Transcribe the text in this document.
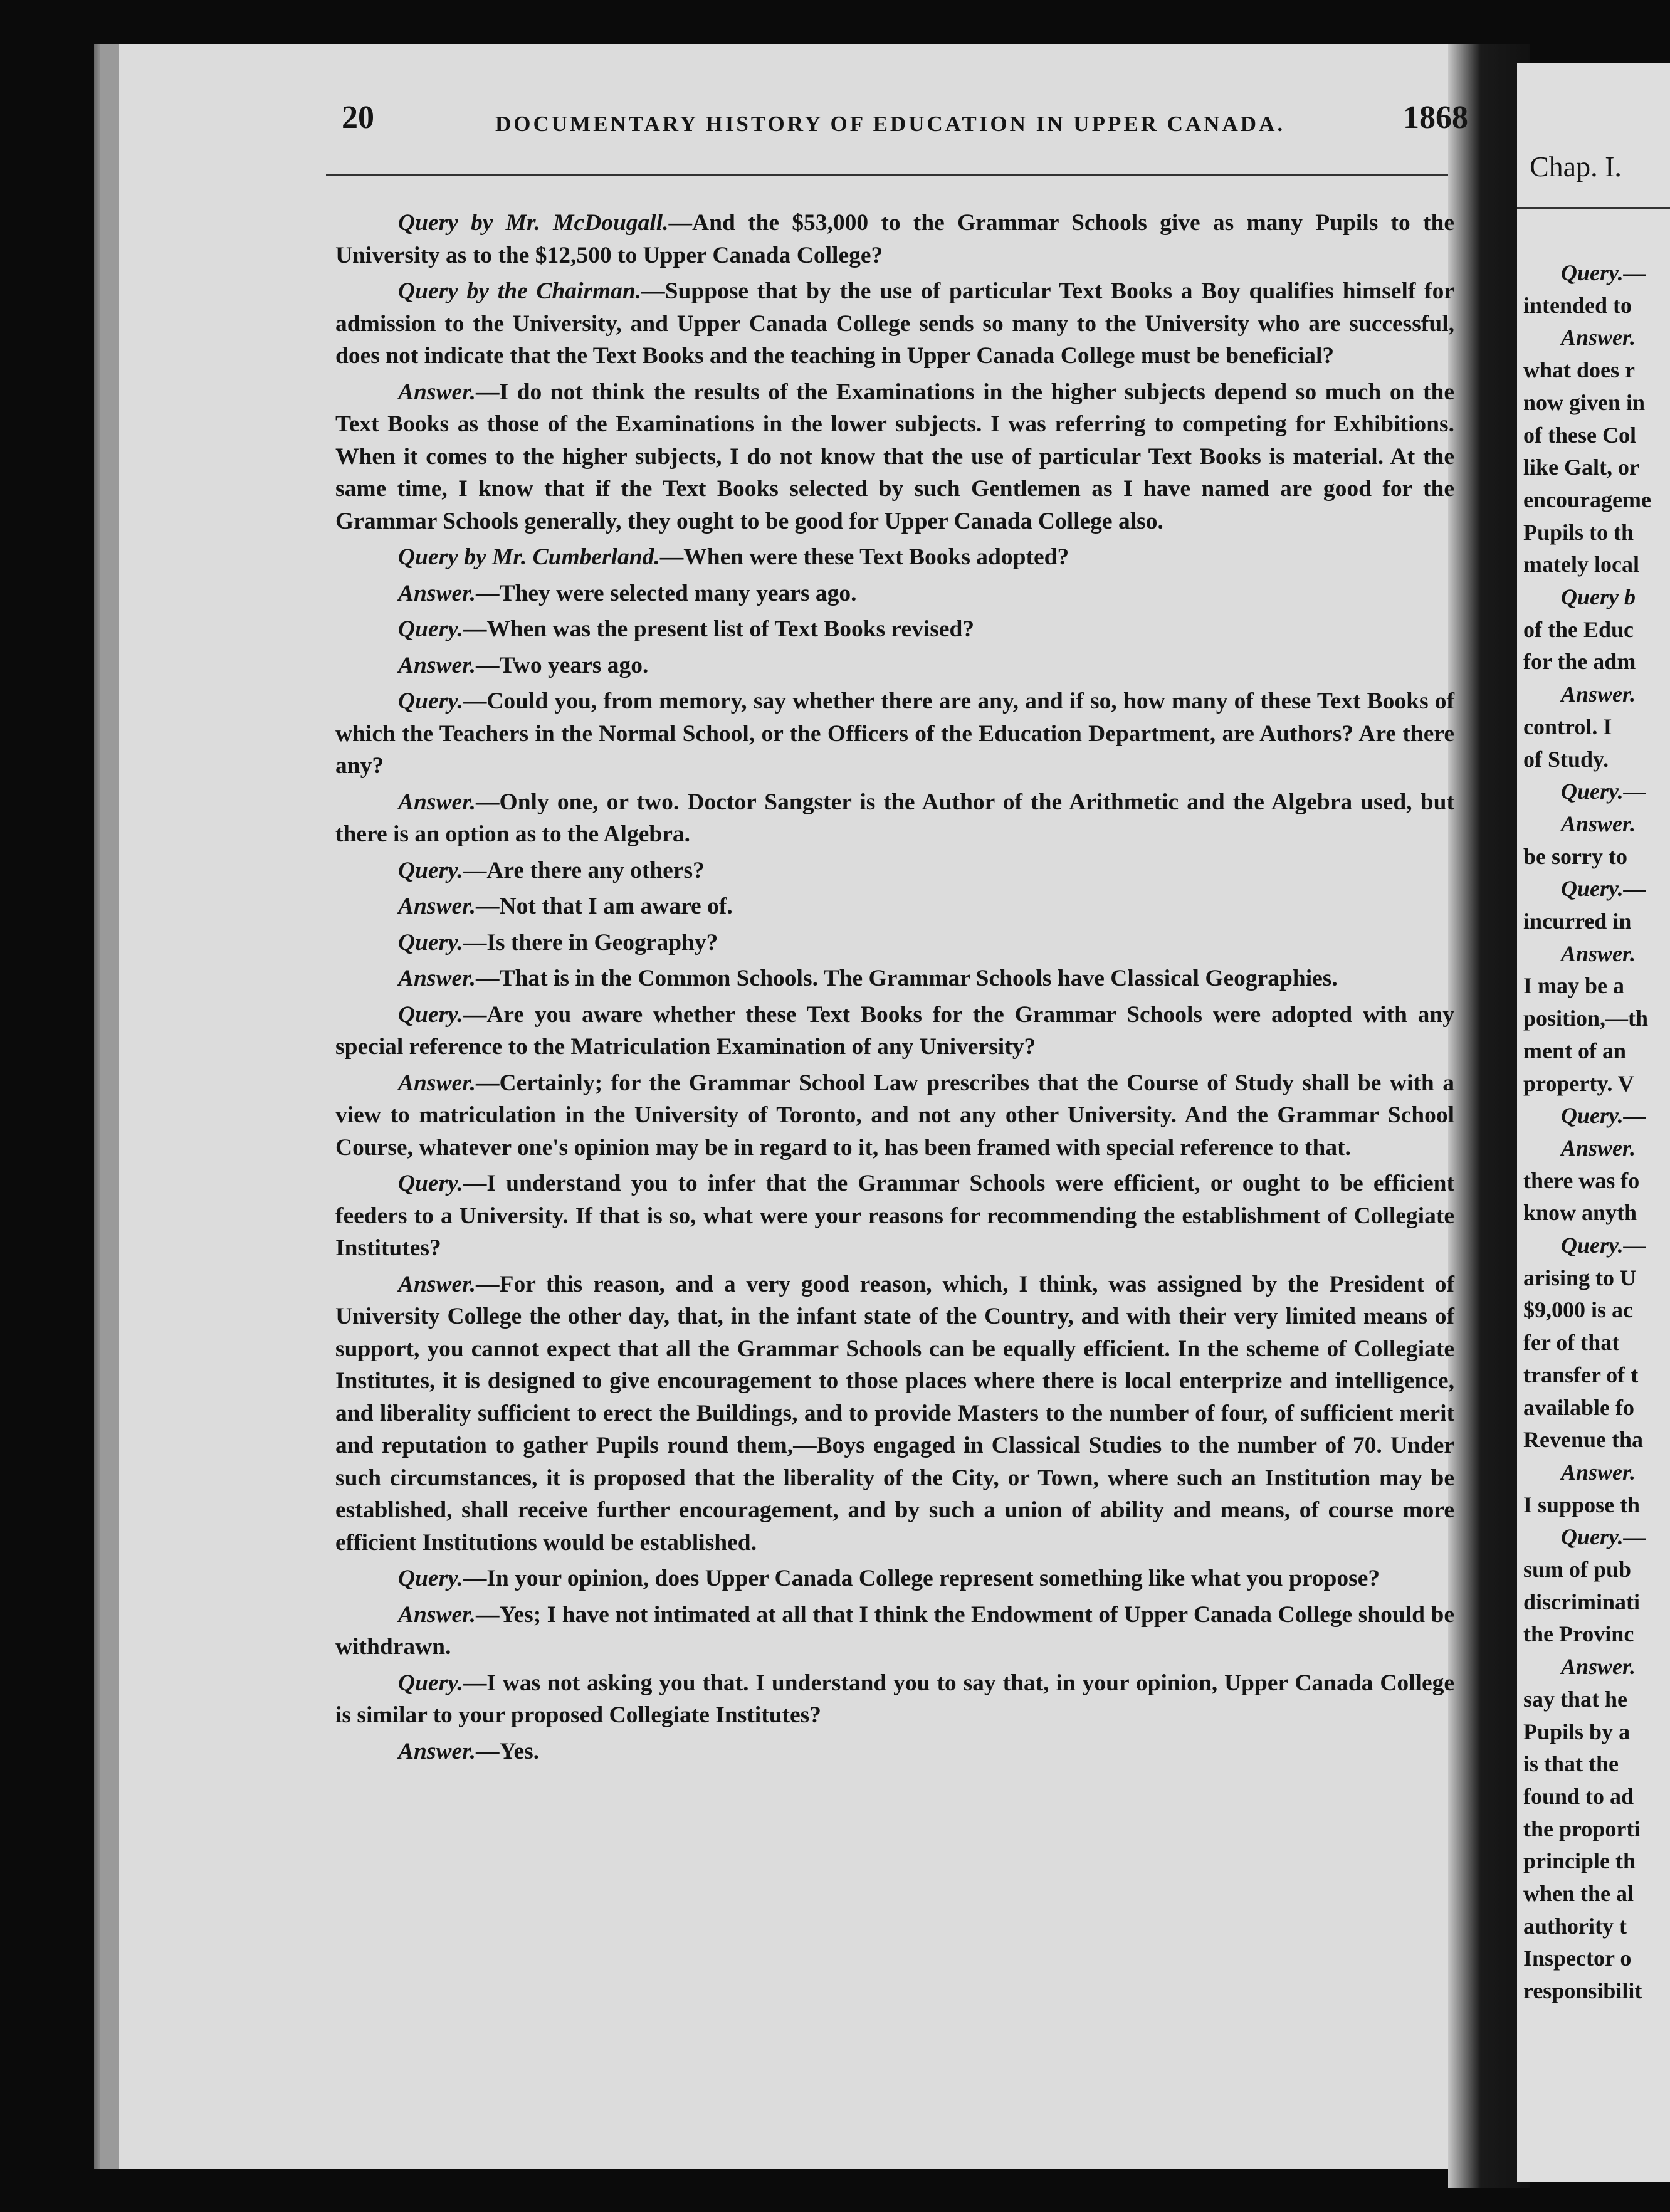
Chap. I.
Query.—
intended to
Answer.
what does r
now given in
of these Col
like Galt, or
encourageme
Pupils to th
mately local
Query b
of the Educ
for the adm
Answer.
control. I
of Study.
Query.—
Answer.
be sorry to
Query.—
incurred in
Answer.
I may be a
position,—th
ment of an
property. V
Query.—
Answer.
there was fo
know anyth
Query.—
arising to U
$9,000 is ac
fer of that
transfer of t
available fo
Revenue tha
Answer.
I suppose th
Query.—
sum of pub
discriminati
the Provinc
Answer.
say that he
Pupils by a
is that the
found to ad
the proporti
principle th
when the al
authority t
Inspector o
responsibilit
20	DOCUMENTARY HISTORY OF EDUCATION IN UPPER CANADA.	1868

Query by Mr. McDougall.—And the $53,000 to the Grammar Schools give as many Pupils to the University as to the $12,500 to Upper Canada College?

Query by the Chairman.—Suppose that by the use of particular Text Books a Boy qualifies himself for admission to the University, and Upper Canada College sends so many to the University who are successful, does not indicate that the Text Books and the teaching in Upper Canada College must be beneficial?

Answer.—I do not think the results of the Examinations in the higher subjects depend so much on the Text Books as those of the Examinations in the lower subjects. I was referring to competing for Exhibitions. When it comes to the higher subjects, I do not know that the use of particular Text Books is material. At the same time, I know that if the Text Books selected by such Gentlemen as I have named are good for the Grammar Schools generally, they ought to be good for Upper Canada College also.

Query by Mr. Cumberland.—When were these Text Books adopted?

Answer.—They were selected many years ago.

Query.—When was the present list of Text Books revised?

Answer.—Two years ago.

Query.—Could you, from memory, say whether there are any, and if so, how many of these Text Books of which the Teachers in the Normal School, or the Officers of the Education Department, are Authors? Are there any?

Answer.—Only one, or two. Doctor Sangster is the Author of the Arithmetic and the Algebra used, but there is an option as to the Algebra.

Query.—Are there any others?

Answer.—Not that I am aware of.

Query.—Is there in Geography?

Answer.—That is in the Common Schools. The Grammar Schools have Classical Geographies.

Query.—Are you aware whether these Text Books for the Grammar Schools were adopted with any special reference to the Matriculation Examination of any University?

Answer.—Certainly; for the Grammar School Law prescribes that the Course of Study shall be with a view to matriculation in the University of Toronto, and not any other University. And the Grammar School Course, whatever one's opinion may be in regard to it, has been framed with special reference to that.

Query.—I understand you to infer that the Grammar Schools were efficient, or ought to be efficient feeders to a University. If that is so, what were your reasons for recommending the establishment of Collegiate Institutes?

Answer.—For this reason, and a very good reason, which, I think, was assigned by the President of University College the other day, that, in the infant state of the Country, and with their very limited means of support, you cannot expect that all the Grammar Schools can be equally efficient. In the scheme of Collegiate Institutes, it is designed to give encouragement to those places where there is local enterprize and intelligence, and liberality sufficient to erect the Buildings, and to provide Masters to the number of four, of sufficient merit and reputation to gather Pupils round them,—Boys engaged in Classical Studies to the number of 70. Under such circumstances, it is proposed that the liberality of the City, or Town, where such an Institution may be established, shall receive further encouragement, and by such a union of ability and means, of course more efficient Institutions would be established.

Query.—In your opinion, does Upper Canada College represent something like what you propose?

Answer.—Yes; I have not intimated at all that I think the Endowment of Upper Canada College should be withdrawn.

Query.—I was not asking you that. I understand you to say that, in your opinion, Upper Canada College is similar to your proposed Collegiate Institutes?

Answer.—Yes.
